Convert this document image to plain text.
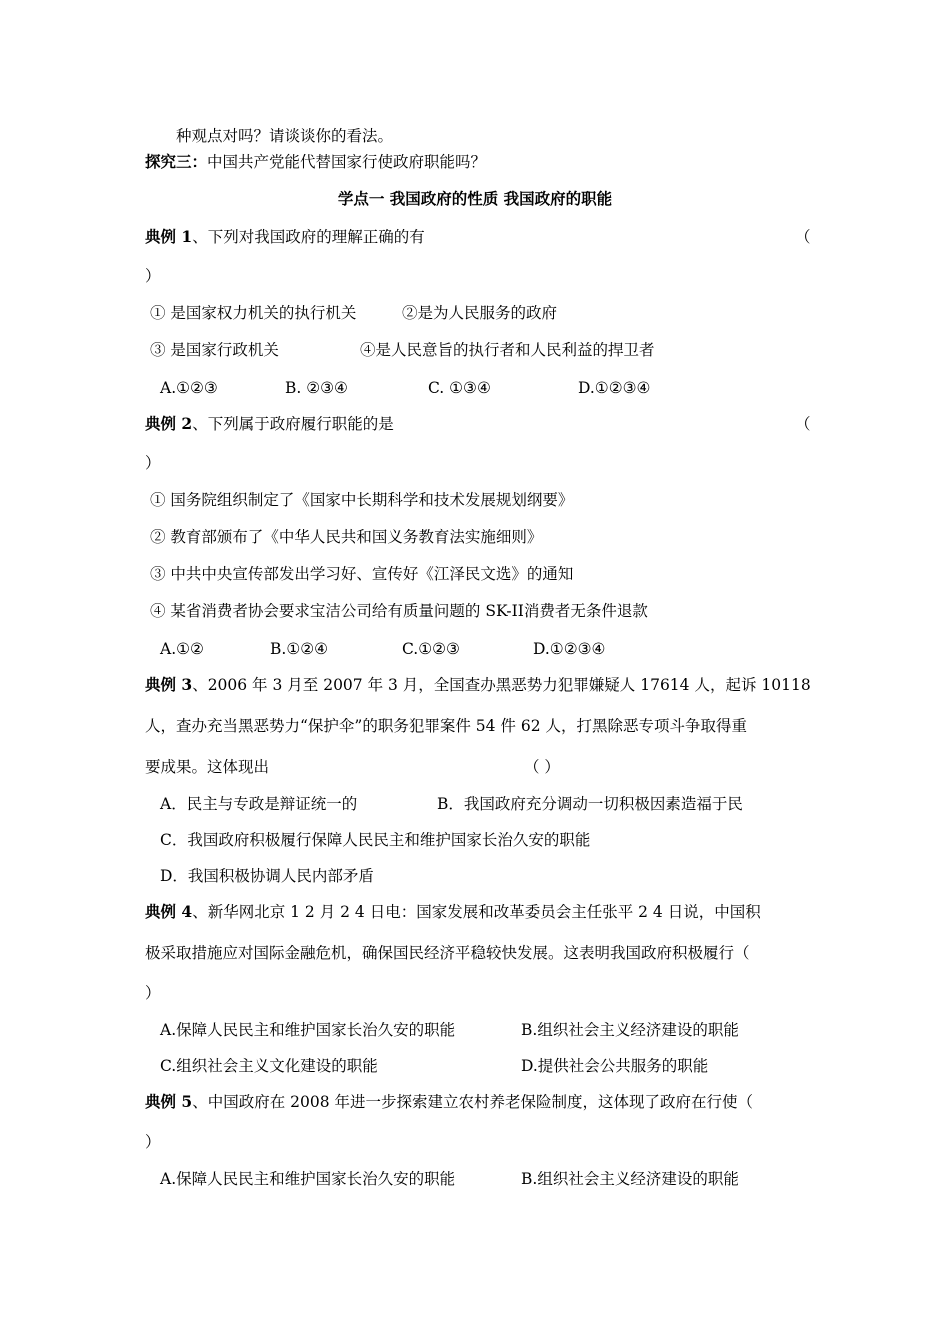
种观点对吗？请谈谈你的看法。
探究三：中国共产党能代替国家行使政府职能吗？
学点一 我国政府的性质 我国政府的职能
典例 1、下列对我国政府的理解正确的有	（
）
① 是国家权力机关的执行机关	②是为人民服务的政府
③ 是国家行政机关	④是人民意旨的执行者和人民利益的捍卫者
A.①②③	B. ②③④	C. ①③④	D.①②③④
典例 2、下列属于政府履行职能的是	（
）
① 国务院组织制定了《国家中长期科学和技术发展规划纲要》
② 教育部颁布了《中华人民共和国义务教育法实施细则》
③ 中共中央宣传部发出学习好、宣传好《江泽民文选》的通知
④ 某省消费者协会要求宝洁公司给有质量问题的 SK-II消费者无条件退款
A.①②	B.①②④	C.①②③	D.①②③④
典例 3、2006 年 3 月至 2007 年 3 月，全国查办黑恶势力犯罪嫌疑人 17614 人，起诉 10118
人，查办充当黑恶势力“保护伞”的职务犯罪案件 54 件 62 人，打黑除恶专项斗争取得重
要成果。这体现出	（ ）
A．民主与专政是辩证统一的	B．我国政府充分调动一切积极因素造福于民
C．我国政府积极履行保障人民民主和维护国家长治久安的职能
D．我国积极协调人民内部矛盾
典例 4、新华网北京 1 2 月 2 4 日电：国家发展和改革委员会主任张平 2 4 日说，中国积
极采取措施应对国际金融危机，确保国民经济平稳较快发展。这表明我国政府积极履行（
）
A.保障人民民主和维护国家长治久安的职能	B.组织社会主义经济建设的职能
C.组织社会主义文化建设的职能	D.提供社会公共服务的职能
典例 5、中国政府在 2008 年进一步探索建立农村养老保险制度，这体现了政府在行使（
）
A.保障人民民主和维护国家长治久安的职能	B.组织社会主义经济建设的职能
